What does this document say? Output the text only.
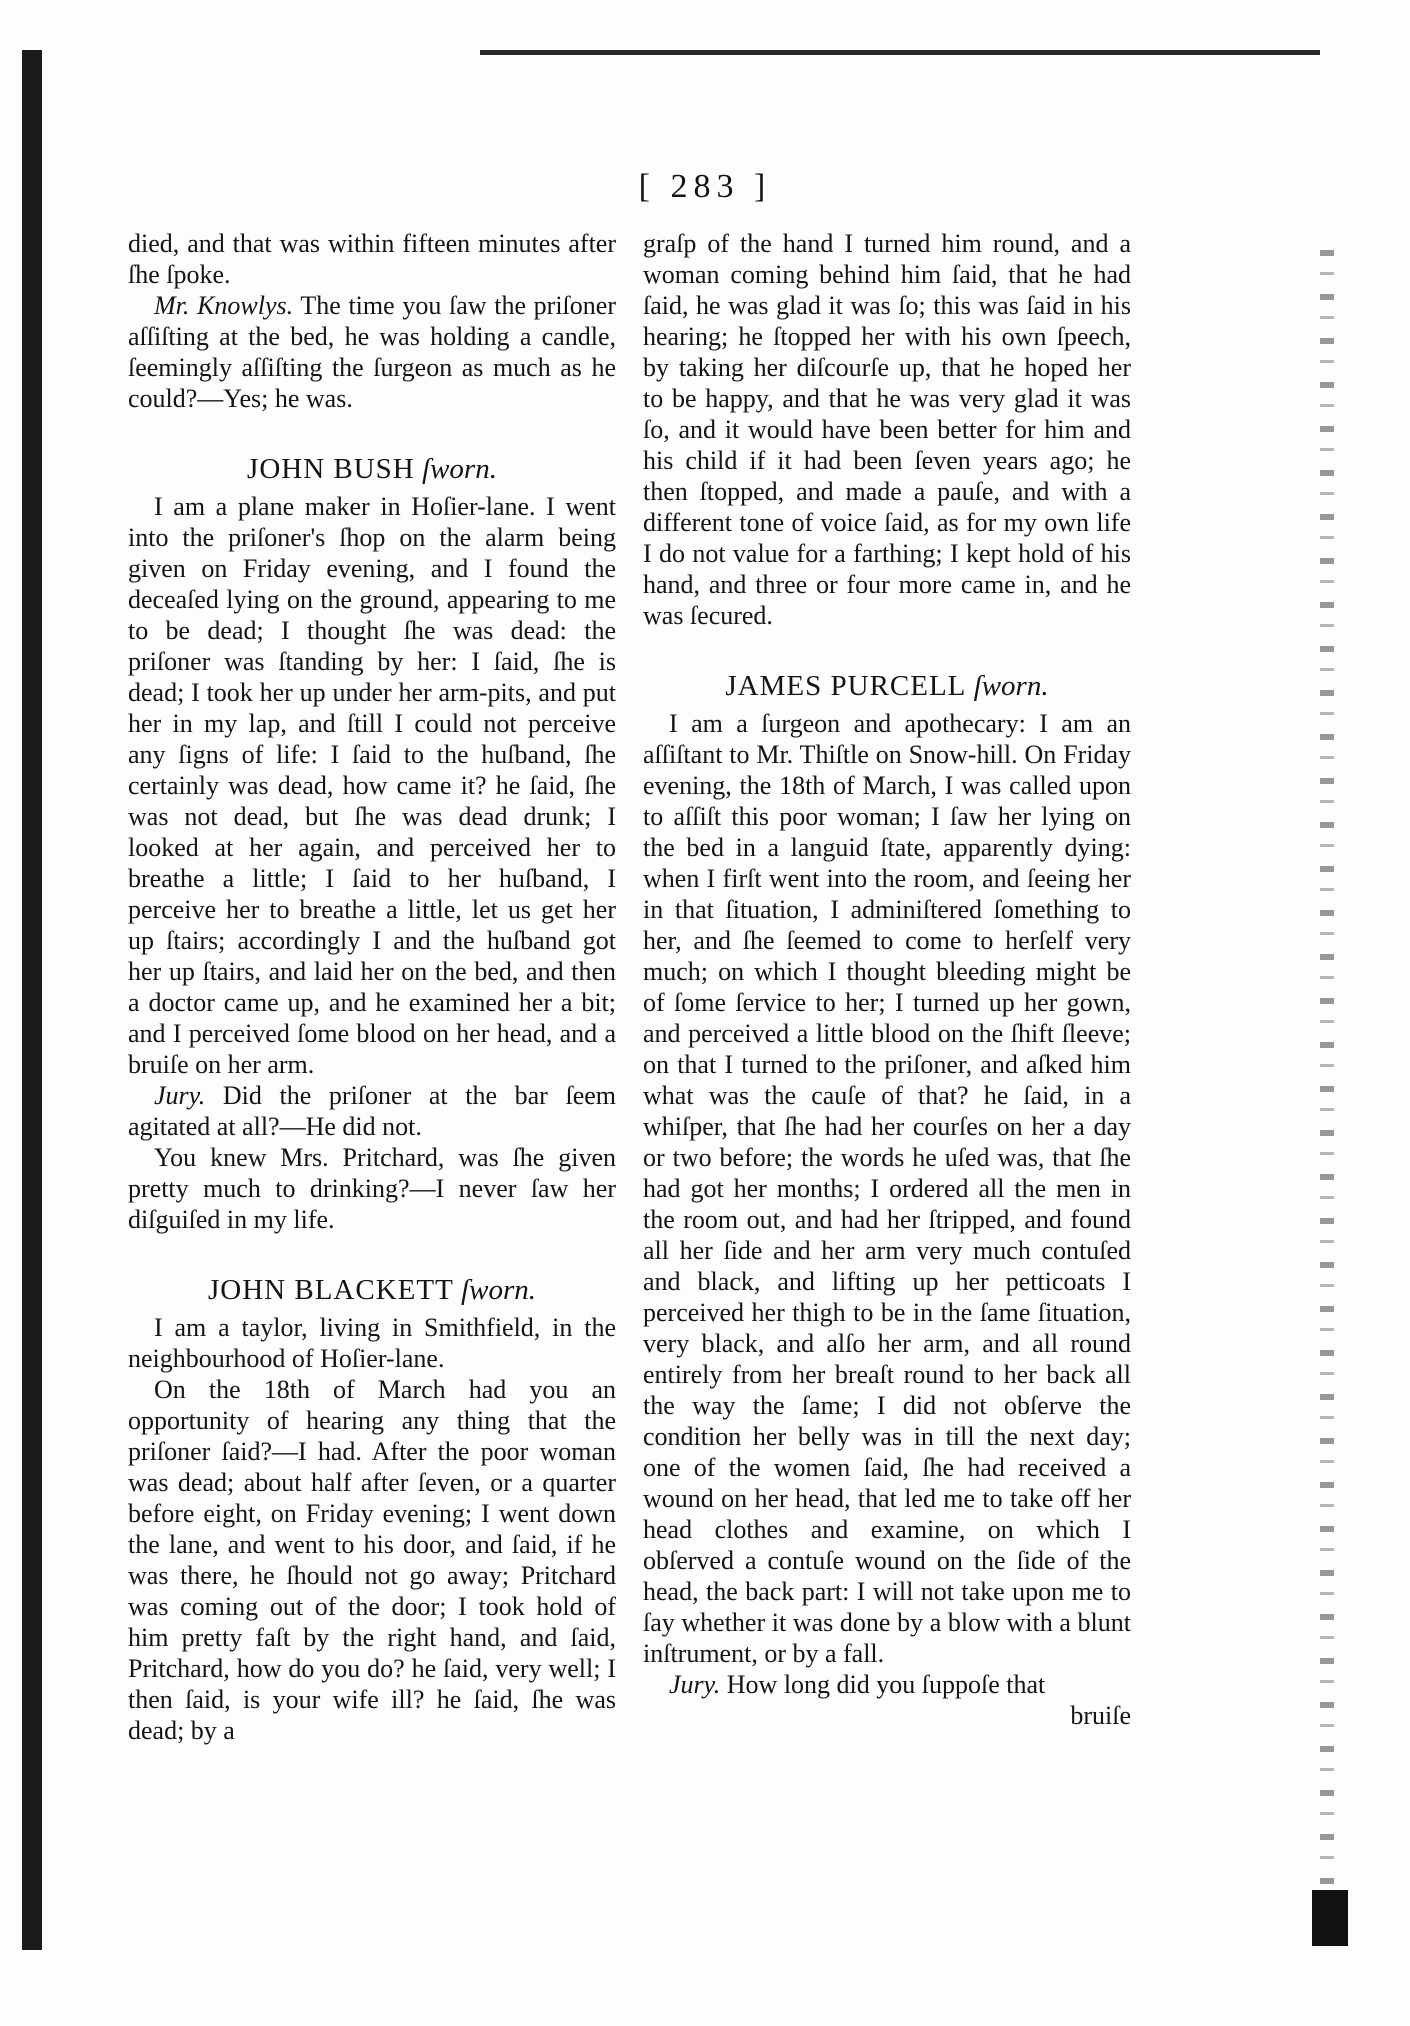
[ 283 ]

died, and that was within fifteen minutes after ſhe ſpoke.

Mr. Knowlys. The time you ſaw the priſoner aſſiſting at the bed, he was holding a candle, ſeemingly aſſiſting the ſurgeon as much as he could?—Yes; he was.

JOHN BUSH ſworn.

I am a plane maker in Hoſier-lane. I went into the priſoner's ſhop on the alarm being given on Friday evening, and I found the deceaſed lying on the ground, appearing to me to be dead; I thought ſhe was dead: the priſoner was ſtanding by her: I ſaid, ſhe is dead; I took her up under her arm-pits, and put her in my lap, and ſtill I could not perceive any ſigns of life: I ſaid to the huſband, ſhe certainly was dead, how came it? he ſaid, ſhe was not dead, but ſhe was dead drunk; I looked at her again, and perceived her to breathe a little; I ſaid to her huſband, I perceive her to breathe a little, let us get her up ſtairs; accordingly I and the huſband got her up ſtairs, and laid her on the bed, and then a doctor came up, and he examined her a bit; and I perceived ſome blood on her head, and a bruiſe on her arm.

Jury. Did the priſoner at the bar ſeem agitated at all?—He did not.

You knew Mrs. Pritchard, was ſhe given pretty much to drinking?—I never ſaw her diſguiſed in my life.

JOHN BLACKETT ſworn.

I am a taylor, living in Smithfield, in the neighbourhood of Hoſier-lane.

On the 18th of March had you an opportunity of hearing any thing that the priſoner ſaid?—I had. After the poor woman was dead; about half after ſeven, or a quarter before eight, on Friday evening; I went down the lane, and went to his door, and ſaid, if he was there, he ſhould not go away; Pritchard was coming out of the door; I took hold of him pretty faſt by the right hand, and ſaid, Pritchard, how do you do? he ſaid, very well; I then ſaid, is your wife ill? he ſaid, ſhe was dead; by a

graſp of the hand I turned him round, and a woman coming behind him ſaid, that he had ſaid, he was glad it was ſo; this was ſaid in his hearing; he ſtopped her with his own ſpeech, by taking her diſcourſe up, that he hoped her to be happy, and that he was very glad it was ſo, and it would have been better for him and his child if it had been ſeven years ago; he then ſtopped, and made a pauſe, and with a different tone of voice ſaid, as for my own life I do not value for a farthing; I kept hold of his hand, and three or four more came in, and he was ſecured.

JAMES PURCELL ſworn.

I am a ſurgeon and apothecary: I am an aſſiſtant to Mr. Thiſtle on Snow-hill. On Friday evening, the 18th of March, I was called upon to aſſiſt this poor woman; I ſaw her lying on the bed in a languid ſtate, apparently dying: when I firſt went into the room, and ſeeing her in that ſituation, I adminiſtered ſomething to her, and ſhe ſeemed to come to herſelf very much; on which I thought bleeding might be of ſome ſervice to her; I turned up her gown, and perceived a little blood on the ſhift ſleeve; on that I turned to the priſoner, and aſked him what was the cauſe of that? he ſaid, in a whiſper, that ſhe had her courſes on her a day or two before; the words he uſed was, that ſhe had got her months; I ordered all the men in the room out, and had her ſtripped, and found all her ſide and her arm very much contuſed and black, and lifting up her petticoats I perceived her thigh to be in the ſame ſituation, very black, and alſo her arm, and all round entirely from her breaſt round to her back all the way the ſame; I did not obſerve the condition her belly was in till the next day; one of the women ſaid, ſhe had received a wound on her head, that led me to take off her head clothes and examine, on which I obſerved a contuſe wound on the ſide of the head, the back part: I will not take upon me to ſay whether it was done by a blow with a blunt inſtrument, or by a fall.

Jury. How long did you ſuppoſe that

bruiſe
